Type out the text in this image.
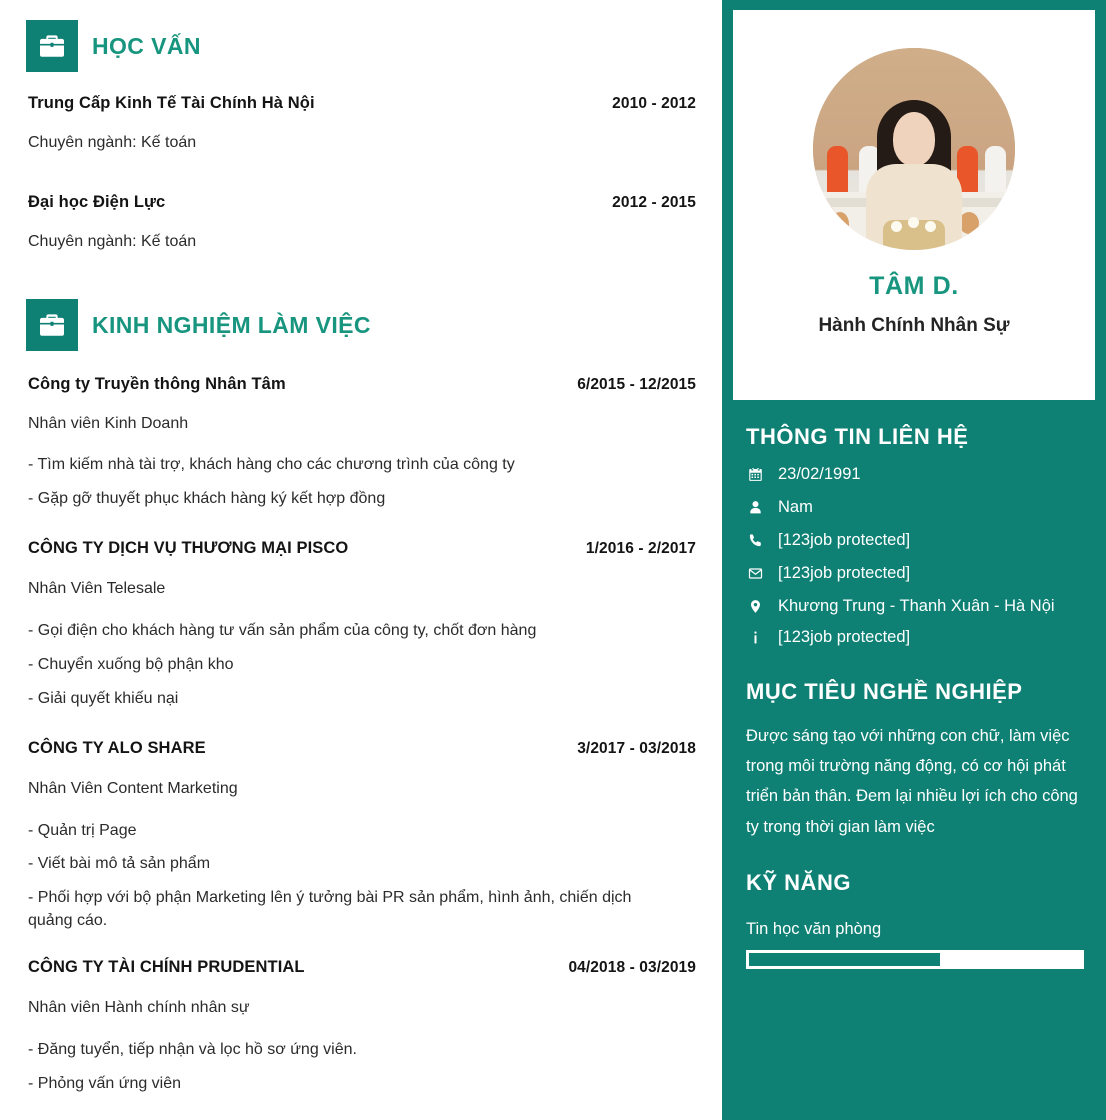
HỌC VẤN
Trung Cấp Kinh Tế Tài Chính Hà Nội	2010 - 2012
Chuyên ngành: Kế toán
Đại học Điện Lực	2012 - 2015
Chuyên ngành: Kế toán
KINH NGHIỆM LÀM VIỆC
Công ty Truyền thông Nhân Tâm	6/2015 - 12/2015
Nhân viên Kinh Doanh
- Tìm kiếm nhà tài trợ, khách hàng cho các chương trình của công ty
- Gặp gỡ thuyết phục khách hàng ký kết hợp đồng
CÔNG TY DỊCH VỤ THƯƠNG MẠI PISCO	1/2016 - 2/2017
Nhân Viên Telesale
- Gọi điện cho khách hàng tư vấn sản phẩm của công ty, chốt đơn hàng
- Chuyển xuống bộ phận kho
- Giải quyết khiếu nại
CÔNG TY ALO SHARE	3/2017 - 03/2018
Nhân Viên Content Marketing
- Quản trị Page
- Viết bài mô tả sản phẩm
- Phối hợp với bộ phận Marketing lên ý tưởng bài PR sản phẩm, hình ảnh, chiến dịch quảng cáo.
CÔNG TY TÀI CHÍNH PRUDENTIAL	04/2018 - 03/2019
Nhân viên Hành chính nhân sự
- Đăng tuyển, tiếp nhận và lọc hồ sơ ứng viên.
- Phỏng vấn ứng viên
TÂM D.
Hành Chính Nhân Sự
THÔNG TIN LIÊN HỆ
23/02/1991
Nam
[123job protected]
[123job protected]
Khương Trung - Thanh Xuân - Hà Nội
[123job protected]
MỤC TIÊU NGHỀ NGHIỆP
Được sáng tạo với những con chữ, làm việc trong môi trường năng động, có cơ hội phát triển bản thân. Đem lại nhiều lợi ích cho công ty trong thời gian làm việc
KỸ NĂNG
Tin học văn phòng
